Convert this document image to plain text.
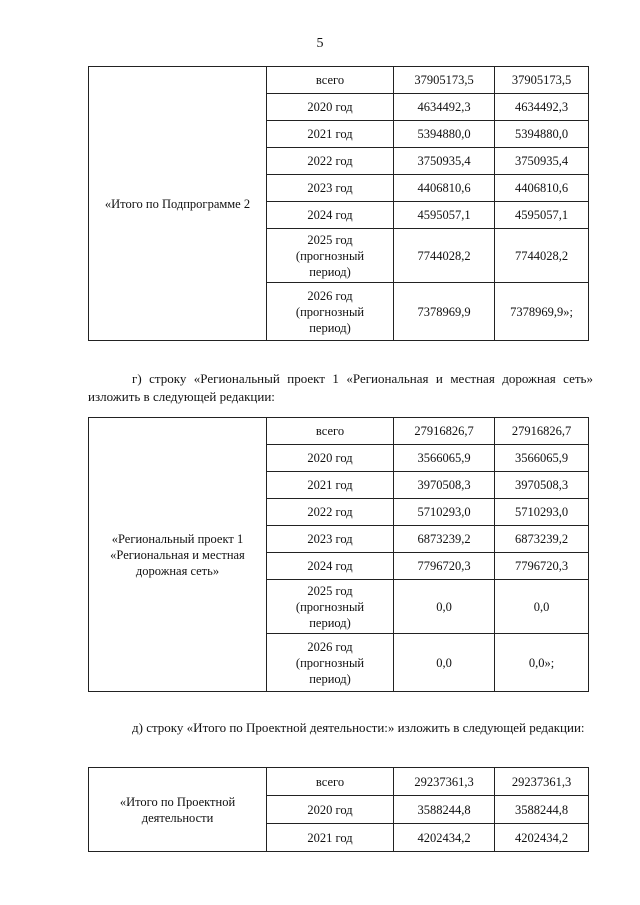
5
«Итого по Подпрограмме 2	всего	37905173,5	37905173,5
	2020 год	4634492,3	4634492,3
	2021 год	5394880,0	5394880,0
	2022 год	3750935,4	3750935,4
	2023 год	4406810,6	4406810,6
	2024 год	4595057,1	4595057,1
	2025 год
(прогнозный
период)	7744028,2	7744028,2
	2026 год
(прогнозный
период)	7378969,9	7378969,9»;

г) строку «Региональный проект 1 «Региональная и местная дорожная сеть» изложить в следующей редакции:

«Региональный проект 1
«Региональная и местная
дорожная сеть»	всего	27916826,7	27916826,7
	2020 год	3566065,9	3566065,9
	2021 год	3970508,3	3970508,3
	2022 год	5710293,0	5710293,0
	2023 год	6873239,2	6873239,2
	2024 год	7796720,3	7796720,3
	2025 год
(прогнозный
период)	0,0	0,0
	2026 год
(прогнозный
период)	0,0	0,0»;

д) строку «Итого по Проектной деятельности:» изложить в следующей редакции:

«Итого по Проектной
деятельности	всего	29237361,3	29237361,3
	2020 год	3588244,8	3588244,8
	2021 год	4202434,2	4202434,2
